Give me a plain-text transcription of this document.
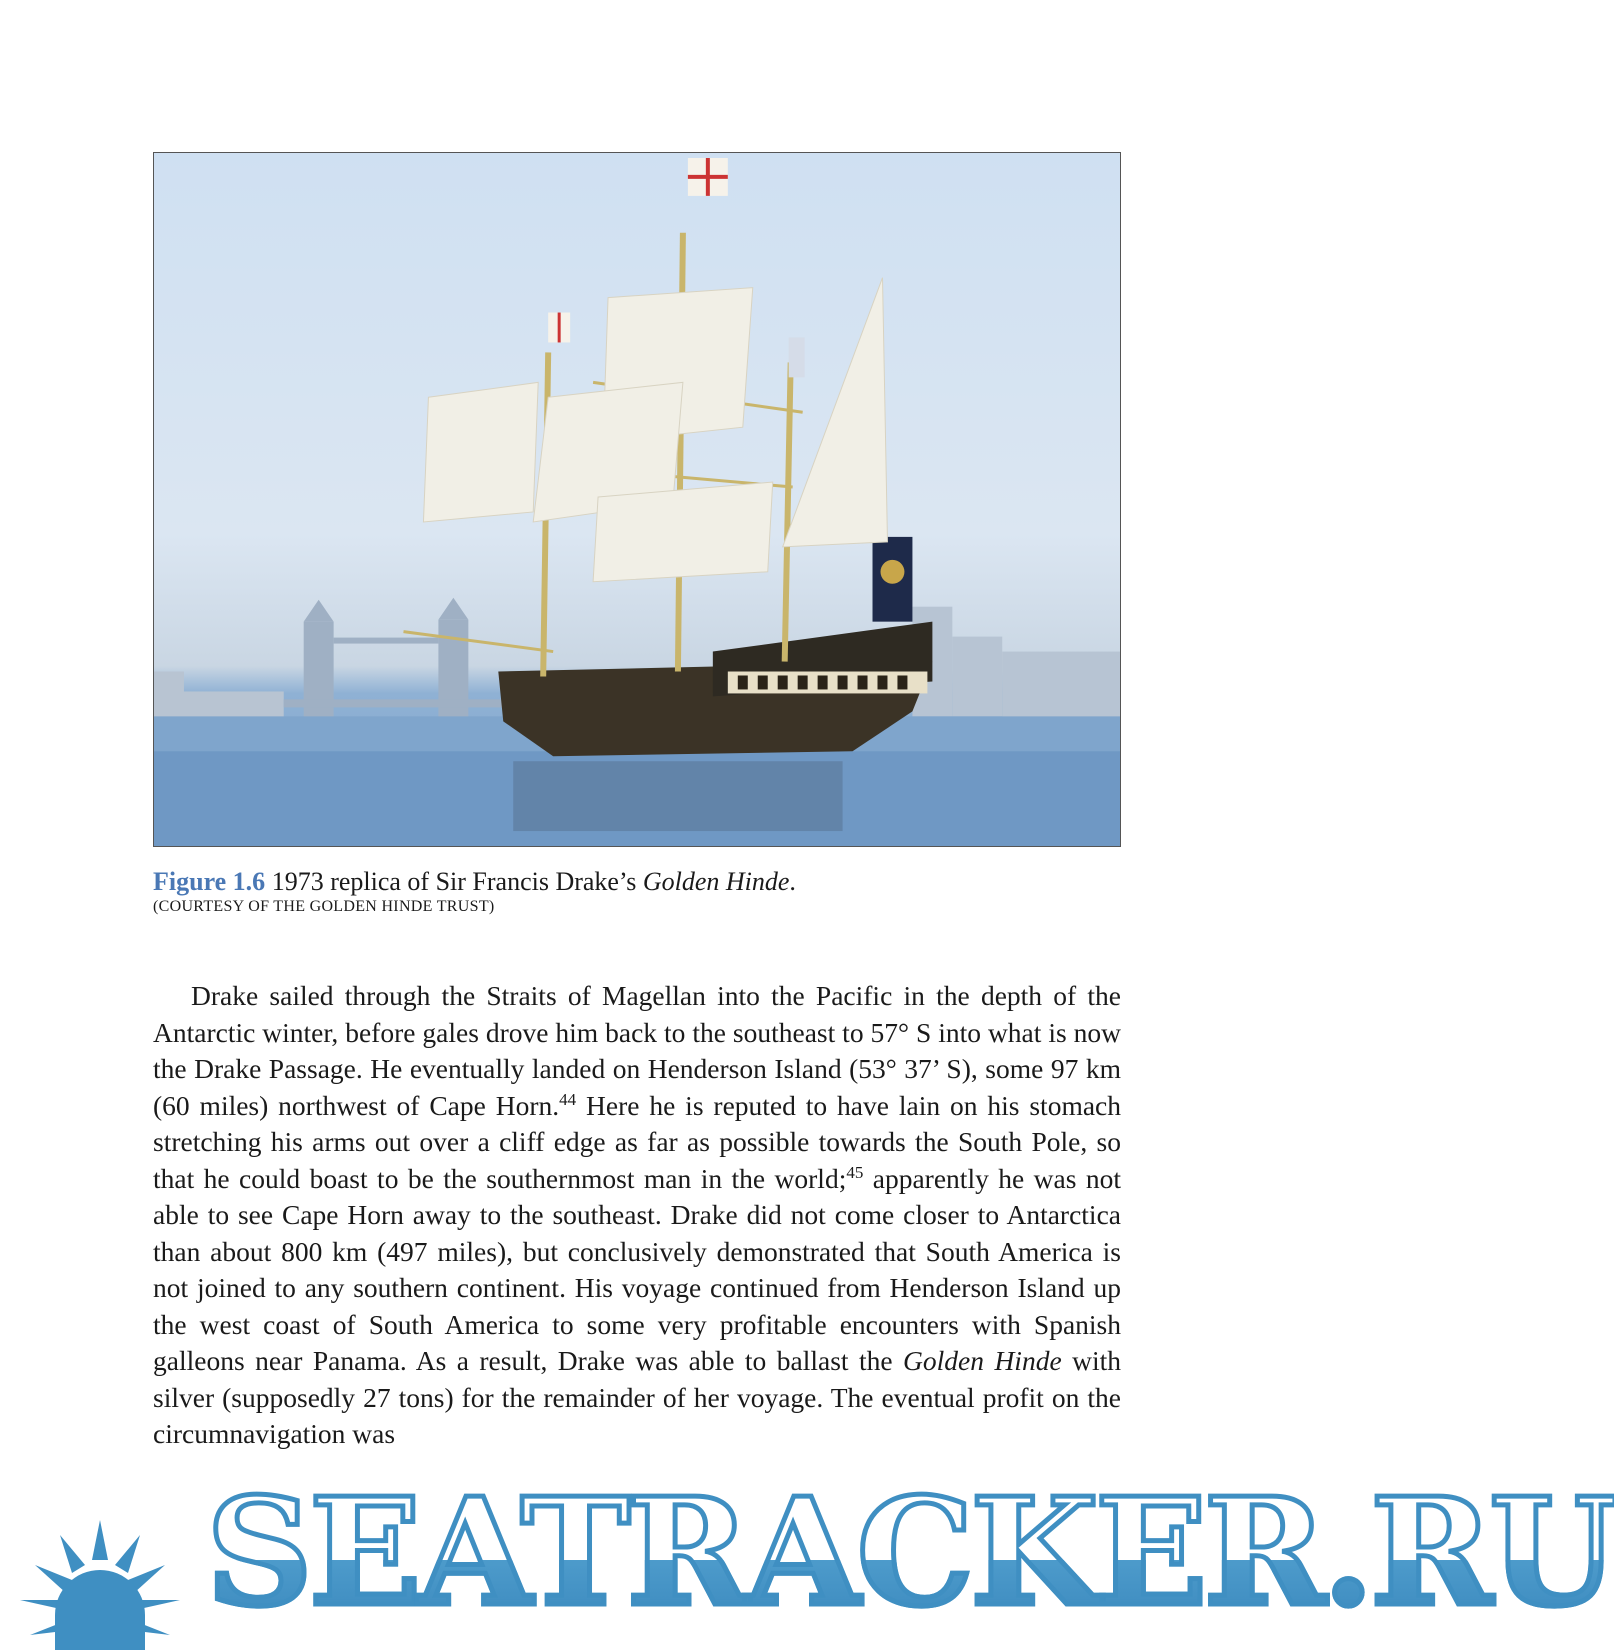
Figure 1.6 1973 replica of Sir Francis Drake’s Golden Hinde.
(COURTESY OF THE GOLDEN HINDE TRUST)

Drake sailed through the Straits of Magellan into the Pacific in the depth of the Antarctic winter, before gales drove him back to the southeast to 57° S into what is now the Drake Passage. He eventually landed on Henderson Island (53° 37’ S), some 97 km (60 miles) northwest of Cape Horn.$^{44}$ Here he is reputed to have lain on his stomach stretching his arms out over a cliff edge as far as possible towards the South Pole, so that he could boast to be the southernmost man in the world;$^{45}$ apparently he was not able to see Cape Horn away to the southeast. Drake did not come closer to Antarctica than about 800 km (497 miles), but conclusively demonstrated that South America is not joined to any southern continent. His voyage continued from Henderson Island up the west coast of South America to some very profitable encounters with Spanish galleons near Panama. As a result, Drake was able to ballast the Golden Hinde with silver (supposedly 27 tons) for the remainder of her voyage. The eventual profit on the circumnavigation was

SEATRACKER.RU
